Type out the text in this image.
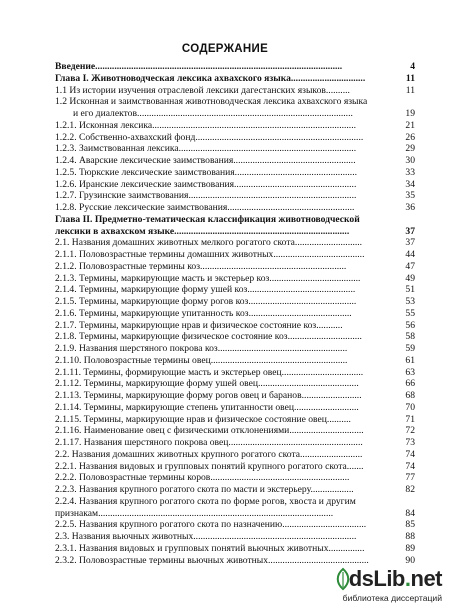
СОДЕРЖАНИЕ
Введение.......................................................................................................	4
Глава I. Животноводческая лексика ахвахского языка...............................	11
1.1 Из истории изучения отраслевой лексики дагестанских языков..........	11
1.2 Исконная и заимствованная животноводческая лексика ахвахского языка
и его диалектов..........................................................................................	19
1.2.1. Исконная лексика.....................................................................................	21
1.2.2. Собственно-ахвахский фонд......................................................................	26
1.2.3. Заимствованная лексика..........................................................................	29
1.2.4. Аварские лексические заимствования...................................................	30
1.2.5. Тюркские лексические заимствования...................................................	33
1.2.6. Иранские лексические заимствования...................................................	34
1.2.7. Грузинские заимствования......................................................................	35
1.2.8. Русские лексические заимствования.....................................................	36
Глава II. Предметно-тематическая классификация животноводческой
лексики в ахвахском языке.........................................................................	37
2.1. Названия домашних животных мелкого рогатого скота............................	37
2.1.1. Половозрастные термины домашних животных......................................	44
2.1.2. Половозрастные термины коз.............................................................	47
2.1.3. Термины, маркирующие масть и экстерьер коз......................................	49
2.1.4. Термины, маркирующие форму ушей коз.............................................	51
2.1.5. Термины, маркирующие форму рогов коз.............................................	53
2.1.6. Термины, маркирующие упитанность коз...........................................	55
2.1.7. Термины, маркирующие нрав и физическое состояние коз...........	56
2.1.8. Термины, маркирующие физическое состояние коз...............................	58
2.1.9. Названия шерстяного покрова коз......................................................	59
2.1.10. Половозрастные термины овец.........................................................	61
2.1.11. Термины, формирующие масть и экстерьер овец..................................	63
2.1.12. Термины, маркирующие форму ушей овец..........................................	66
2.1.13. Термины, маркирующие форму рогов овец и баранов.........................	68
2.1.14. Термины, маркирующие степень упитанности овец...........................	70
2.1.15. Термины, маркирующие нрав и физическое состояние овец..........	71
2.1.16. Наименование овец с физическими отклонениями...............................	72
2.1.17. Названия шерстяного покрова овец........................................................	73
2.2. Названия домашних животных крупного рогатого скота..........................	74
2.2.1. Названия видовых и групповых понятий крупного рогатого скота.......	74
2.2.2. Половозрастные термины коров..........................................................	77
2.2.3. Названия крупного рогатого скота по масти и экстерьеру..................	82
2.2.4. Названия крупного рогатого скота по форме рогов, хвоста и другим
признакам..................................................................................................	84
2.2.5. Названия крупного рогатого скота по назначению...................................	85
2.3. Названия вьючных животных....................................................................	88
2.3.1. Названия видовых и групповых понятий вьючных животных...............	89
2.3.2. Половозрастные термины вьючных животных..........................................	90
dsLib.net
библиотека диссертаций
